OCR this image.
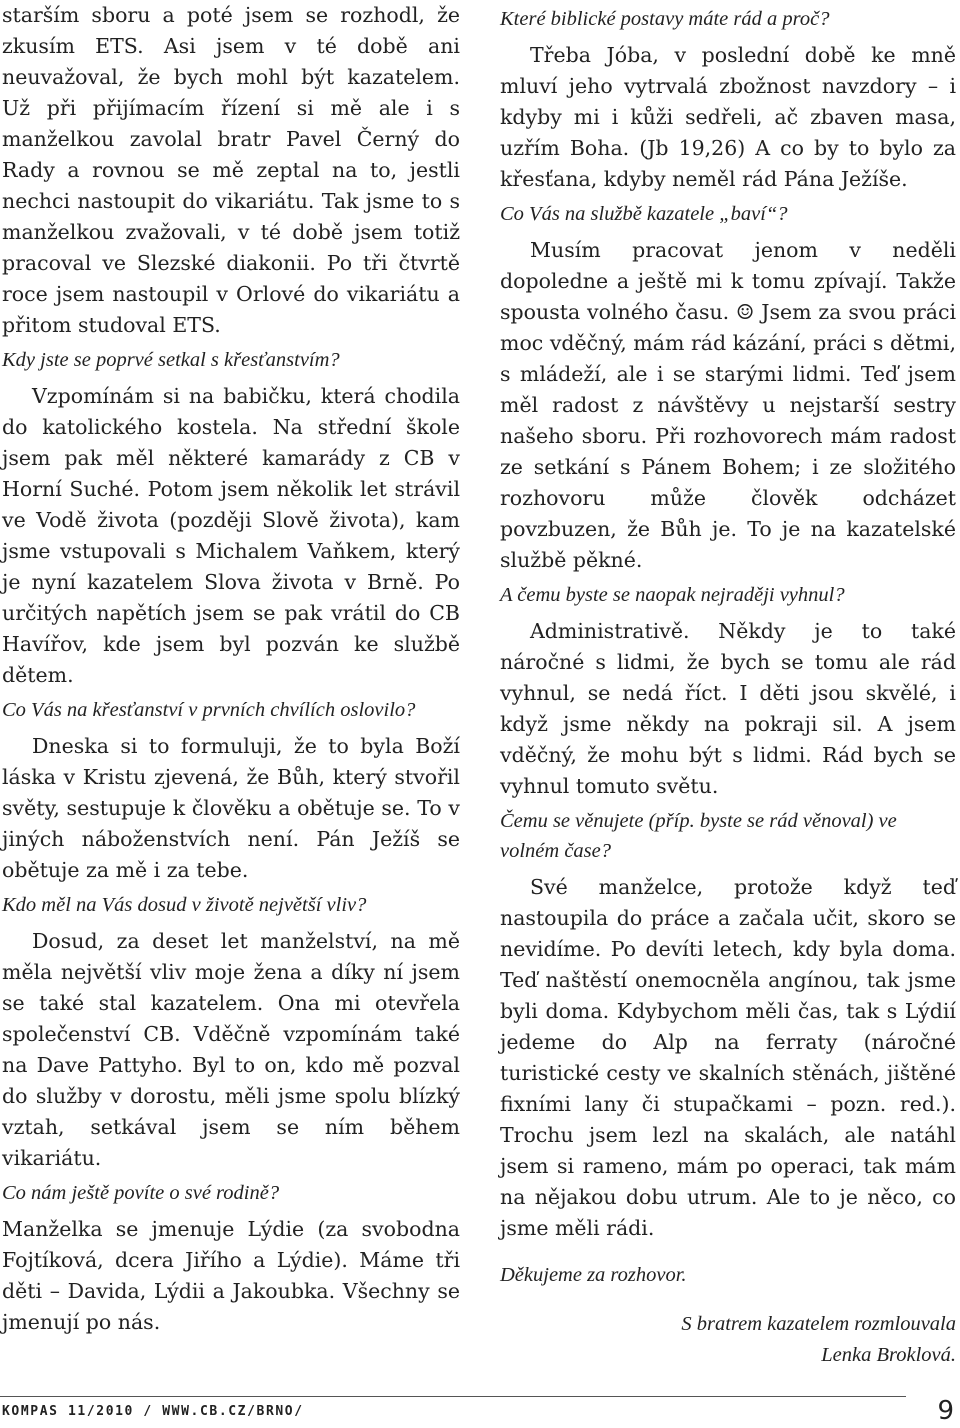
starším sboru a poté jsem se rozhodl, že zkusím ETS. Asi jsem v té době ani neuvažoval, že bych mohl být kazatelem. Už při přijímacím řízení si mě ale i s manželkou zavolal bratr Pavel Černý do Rady a rovnou se mě zeptal na to, jestli nechci nastoupit do vikariátu. Tak jsme to s manželkou zvažovali, v té době jsem totiž pracoval ve Slezské diakonii. Po tři čtvrtě roce jsem nastoupil v Orlové do vikariátu a přitom studoval ETS.

Kdy jste se poprvé setkal s křesťanstvím?

Vzpomínám si na babičku, která chodila do katolického kostela. Na střední škole jsem pak měl některé kamarády z CB v Horní Suché. Potom jsem několik let strávil ve Vodě života (později Slově života), kam jsme vstupovali s Michalem Vaňkem, který je nyní kazatelem Slova života v Brně. Po určitých napětích jsem se pak vrátil do CB Havířov, kde jsem byl pozván ke službě dětem.

Co Vás na křesťanství v prvních chvílích oslovilo?

Dneska si to formuluji, že to byla Boží láska v Kristu zjevená, že Bůh, který stvořil světy, sestupuje k člověku a obětuje se. To v jiných náboženstvích není. Pán Ježíš se obětuje za mě i za tebe.

Kdo měl na Vás dosud v životě největší vliv?

Dosud, za deset let manželství, na mě měla největší vliv moje žena a díky ní jsem se také stal kazatelem. Ona mi otevřela společenství CB. Vděčně vzpomínám také na Dave Pattyho. Byl to on, kdo mě pozval do služby v dorostu, měli jsme spolu blízký vztah, setkával jsem se ním během vikariátu.

Co nám ještě povíte o své rodině?

Manželka se jmenuje Lýdie (za svobodna Fojtíková, dcera Jiřího a Lýdie). Máme tři děti – Davida, Lýdii a Jakoubka. Všechny se jmenují po nás.

Které biblické postavy máte rád a proč?

Třeba Jóba, v poslední době ke mně mluví jeho vytrvalá zbožnost navzdory – i kdyby mi i kůži sedřeli, ač zbaven masa, uzřím Boha. (Jb 19,26) A co by to bylo za křesťana, kdyby neměl rád Pána Ježíše.

Co Vás na službě kazatele „baví“?

Musím pracovat jenom v neděli dopoledne a ještě mi k tomu zpívají. Takže spousta volného času. ☺ Jsem za svou práci moc vděčný, mám rád kázání, práci s dětmi, s mládeží, ale i se starými lidmi. Teď jsem měl radost z návštěvy u nejstarší sestry našeho sboru. Při rozhovorech mám radost ze setkání s Pánem Bohem; i ze složitého rozhovoru může člověk odcházet povzbuzen, že Bůh je. To je na kazatelské službě pěkné.

A čemu byste se naopak nejraději vyhnul?

Administrativě. Někdy je to také náročné s lidmi, že bych se tomu ale rád vyhnul, se nedá říct. I děti jsou skvělé, i když jsme někdy na pokraji sil. A jsem vděčný, že mohu být s lidmi. Rád bych se vyhnul tomuto světu.

Čemu se věnujete (příp. byste se rád věnoval) ve volném čase?

Své manželce, protože když teď nastoupila do práce a začala učit, skoro se nevidíme. Po devíti letech, kdy byla doma. Teď naštěstí onemocněla angínou, tak jsme byli doma. Kdybychom měli čas, tak s Lýdií jedeme do Alp na ferraty (náročné turistické cesty ve skalních stěnách, jištěné fixními lany či stupačkami – pozn. red.). Trochu jsem lezl na skalách, ale natáhl jsem si rameno, mám po operaci, tak mám na nějakou dobu utrum. Ale to je něco, co jsme měli rádi.

Děkujeme za rozhovor.

S bratrem kazatelem rozmlouvala
Lenka Broklová.

KOMPAS 11/2010 / WWW.CB.CZ/BRNO/	9
